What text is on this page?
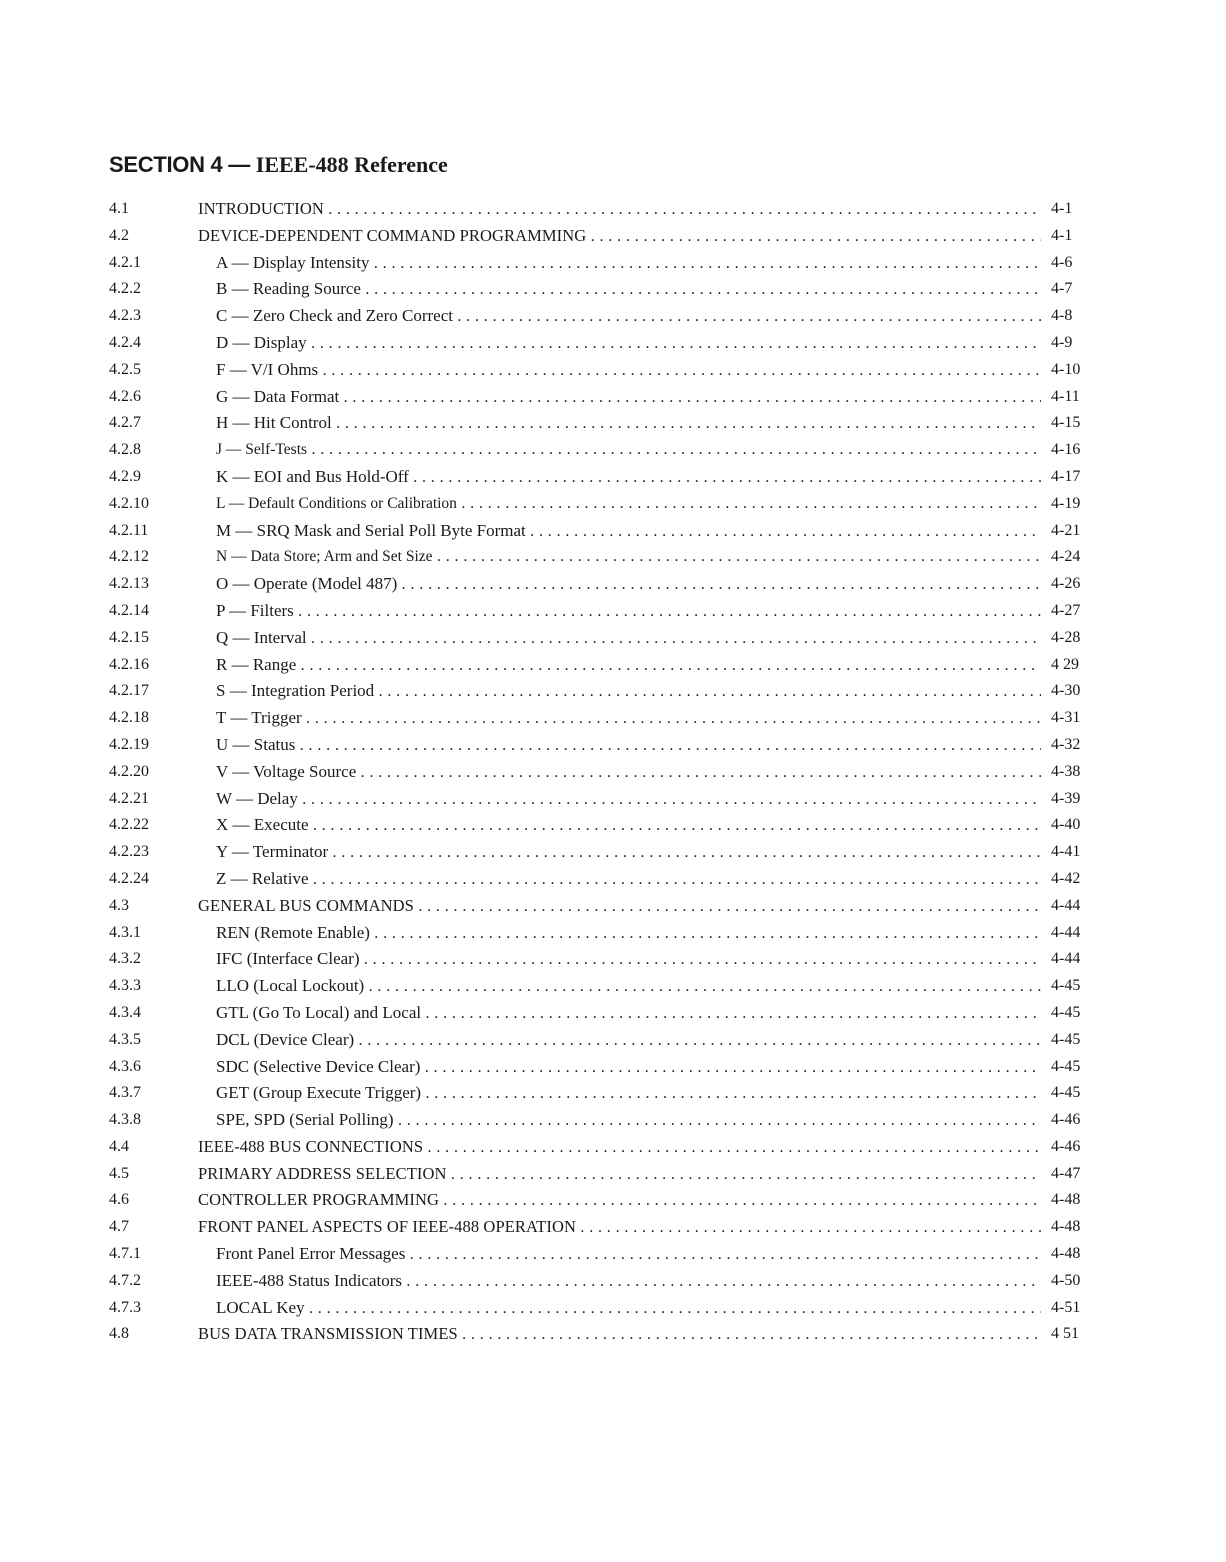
SECTION 4 — IEEE-488 Reference
4.1	INTRODUCTION . . .	4-1
4.2	DEVICE-DEPENDENT COMMAND PROGRAMMING . . .	4-1
4.2.1	A — Display Intensity . . .	4-6
4.2.2	B — Reading Source . . .	4-7
4.2.3	C — Zero Check and Zero Correct . . .	4-8
4.2.4	D — Display . . .	4-9
4.2.5	F — V/I Ohms . . .	4-10
4.2.6	G — Data Format . . .	4-11
4.2.7	H — Hit Control . . .	4-15
4.2.8	J — Self-Tests . . .	4-16
4.2.9	K — EOI and Bus Hold-Off . . .	4-17
4.2.10	L — Default Conditions or Calibration . . .	4-19
4.2.11	M — SRQ Mask and Serial Poll Byte Format . . .	4-21
4.2.12	N — Data Store; Arm and Set Size . . .	4-24
4.2.13	O — Operate (Model 487) . . .	4-26
4.2.14	P — Filters . . .	4-27
4.2.15	Q — Interval . . .	4-28
4.2.16	R — Range . . .	4 29
4.2.17	S — Integration Period . . .	4-30
4.2.18	T — Trigger . . .	4-31
4.2.19	U — Status . . .	4-32
4.2.20	V — Voltage Source . . .	4-38
4.2.21	W — Delay . . .	4-39
4.2.22	X — Execute . . .	4-40
4.2.23	Y — Terminator . . .	4-41
4.2.24	Z — Relative . . .	4-42
4.3	GENERAL BUS COMMANDS . . .	4-44
4.3.1	REN (Remote Enable) . . .	4-44
4.3.2	IFC (Interface Clear) . . .	4-44
4.3.3	LLO (Local Lockout) . . .	4-45
4.3.4	GTL (Go To Local) and Local . . .	4-45
4.3.5	DCL (Device Clear) . . .	4-45
4.3.6	SDC (Selective Device Clear) . . .	4-45
4.3.7	GET (Group Execute Trigger) . . .	4-45
4.3.8	SPE, SPD (Serial Polling) . . .	4-46
4.4	IEEE-488 BUS CONNECTIONS . . .	4-46
4.5	PRIMARY ADDRESS SELECTION . . .	4-47
4.6	CONTROLLER PROGRAMMING . . .	4-48
4.7	FRONT PANEL ASPECTS OF IEEE-488 OPERATION . . .	4-48
4.7.1	Front Panel Error Messages . . .	4-48
4.7.2	IEEE-488 Status Indicators . . .	4-50
4.7.3	LOCAL Key . . .	4-51
4.8	BUS DATA TRANSMISSION TIMES . . .	4 51
